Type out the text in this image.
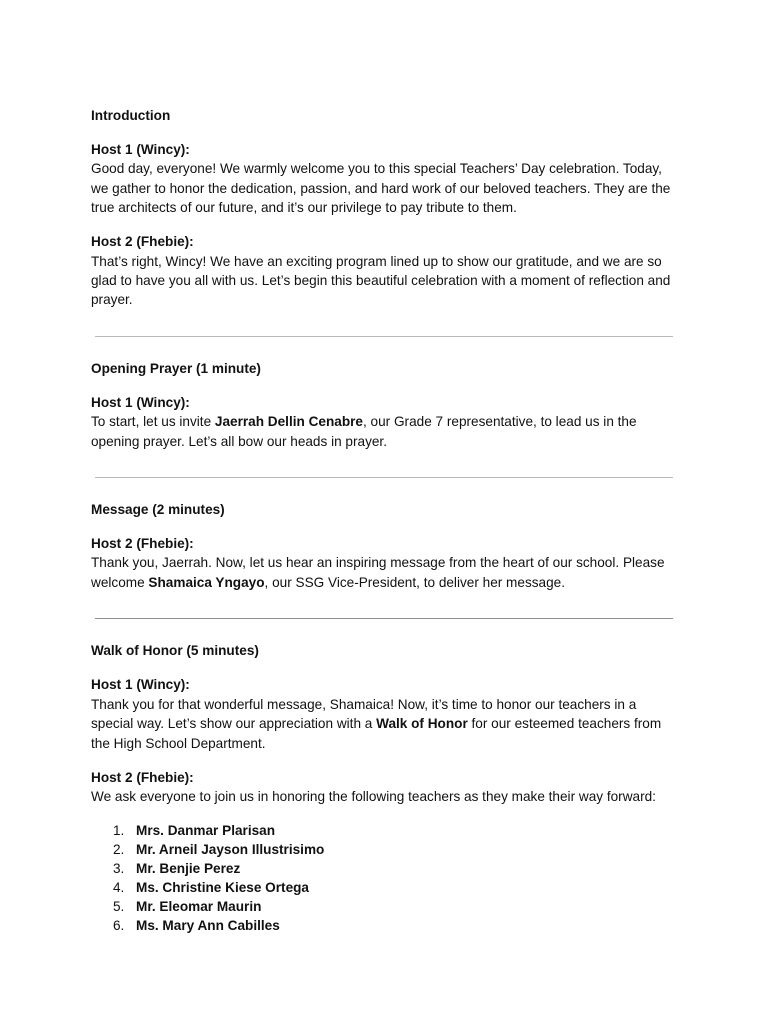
Introduction

Host 1 (Wincy):

Good day, everyone! We warmly welcome you to this special Teachers’ Day celebration. Today, we gather to honor the dedication, passion, and hard work of our beloved teachers. They are the true architects of our future, and it’s our privilege to pay tribute to them.

Host 2 (Fhebie):

That’s right, Wincy! We have an exciting program lined up to show our gratitude, and we are so glad to have you all with us. Let’s begin this beautiful celebration with a moment of reflection and prayer.

Opening Prayer (1 minute)

Host 1 (Wincy):

To start, let us invite Jaerrah Dellin Cenabre, our Grade 7 representative, to lead us in the opening prayer. Let’s all bow our heads in prayer.

Message (2 minutes)

Host 2 (Fhebie):

Thank you, Jaerrah. Now, let us hear an inspiring message from the heart of our school. Please welcome Shamaica Yngayo, our SSG Vice-President, to deliver her message.

Walk of Honor (5 minutes)

Host 1 (Wincy):

Thank you for that wonderful message, Shamaica! Now, it’s time to honor our teachers in a special way. Let’s show our appreciation with a Walk of Honor for our esteemed teachers from the High School Department.

Host 2 (Fhebie):

We ask everyone to join us in honoring the following teachers as they make their way forward:

1. Mrs. Danmar Plarisan
2. Mr. Arneil Jayson Illustrisimo
3. Mr. Benjie Perez
4. Ms. Christine Kiese Ortega
5. Mr. Eleomar Maurin
6. Ms. Mary Ann Cabilles
